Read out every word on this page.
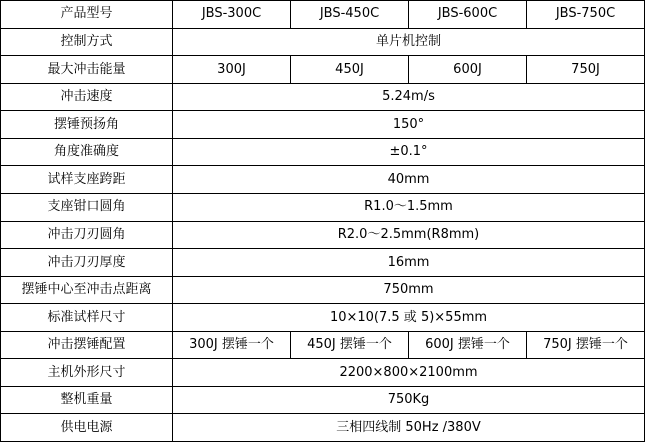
产品型号	JBS-300C	JBS-450C	JBS-600C	JBS-750C
控制方式	单片机控制			
最大冲击能量	300J	450J	600J	750J
冲击速度	5.24m/s			
摆锤预扬角	150°			
角度准确度	±0.1°			
试样支座跨距	40mm			
支座钳口圆角	R1.0～1.5mm			
冲击刀刃圆角	R2.0～2.5mm(R8mm)			
冲击刀刃厚度	16mm			
摆锤中心至冲击点距离	750mm			
标准试样尺寸	10×10(7.5 或 5)×55mm			
冲击摆锤配置	300J 摆锤一个	450J 摆锤一个	600J 摆锤一个	750J 摆锤一个
主机外形尺寸	2200×800×2100mm			
整机重量	750Kg			
供电电源	三相四线制 50Hz /380V			
